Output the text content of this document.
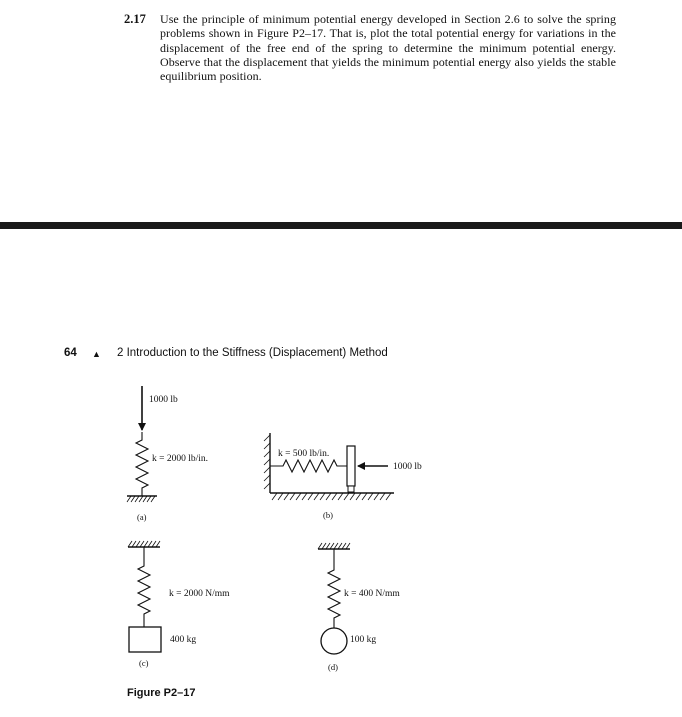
2.17 Use the principle of minimum potential energy developed in Section 2.6 to solve the spring problems shown in Figure P2–17. That is, plot the total potential energy for variations in the displacement of the free end of the spring to determine the minimum potential energy. Observe that the displacement that yields the minimum potential energy also yields the stable equilibrium position.
64 ▲ 2 Introduction to the Stiffness (Displacement) Method
1000 lb
k = 2000 lb/in.
(a)
k = 500 lb/in.
1000 lb
(b)
k = 2000 N/mm
400 kg
(c)
k = 400 N/mm
100 kg
(d)
Figure P2–17
